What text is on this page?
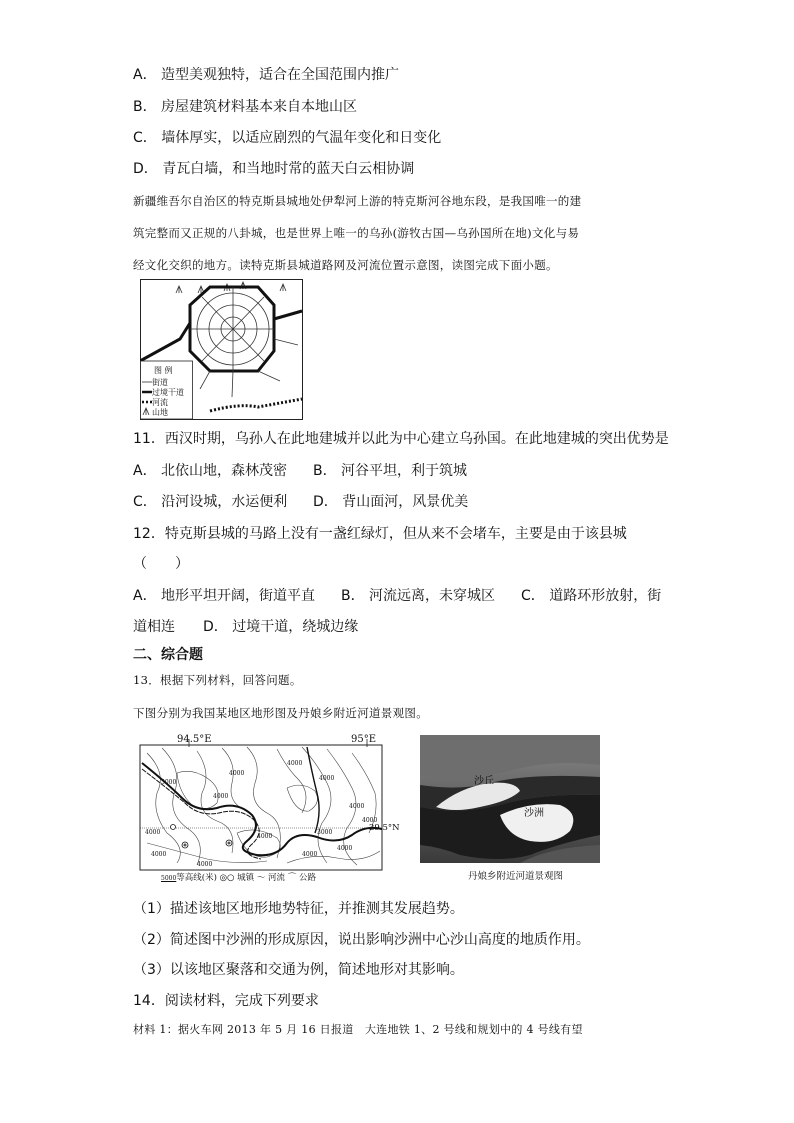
A． 造型美观独特，适合在全国范围内推广
B． 房屋建筑材料基本来自本地山区
C． 墙体厚实，以适应剧烈的气温年变化和日变化
D． 青瓦白墙，和当地时常的蓝天白云相协调
新疆维吾尔自治区的特克斯县城地处伊犁河上游的特克斯河谷地东段，是我国唯一的建
筑完整而又正规的八卦城，也是世界上唯一的乌孙(游牧古国—乌孙国所在地)文化与易
经文化交织的地方。读特克斯县城道路网及河流位置示意图，读图完成下面小题。
图 例
街道
过境干道
河流
山地
11．西汉时期，乌孙人在此地建城并以此为中心建立乌孙国。在此地建城的突出优势是
A． 北依山地，森林茂密 B． 河谷平坦，利于筑城
C． 沿河设城，水运便利 D． 背山面河，风景优美
12．特克斯县城的马路上没有一盏红绿灯，但从来不会堵车，主要是由于该县城
（　　）
A． 地形平坦开阔，街道平直 B． 河流远离，未穿城区 C． 道路环形放射，街
道相连 D． 过境干道，绕城边缘
二、综合题
13．根据下列材料，回答问题。
下图分别为我国某地区地形图及丹娘乡附近河道景观图。
94.5°E	95°E
29.5°N
4000
4000
4000
4000
3000
4000
4000
4000
4000
4000
4000
4000
3000
4000
5000等高线(米) ◎○ 城镇 〜 河流 ⌒ 公路
沙丘
沙洲
丹娘乡附近河道景观图
（1）描述该地区地形地势特征，并推测其发展趋势。
（2）简述图中沙洲的形成原因，说出影响沙洲中心沙山高度的地质作用。
（3）以该地区聚落和交通为例，简述地形对其影响。
14．阅读材料，完成下列要求
材料 1：据火车网 2013 年 5 月 16 日报道　大连地铁 1、2 号线和规划中的 4 号线有望
